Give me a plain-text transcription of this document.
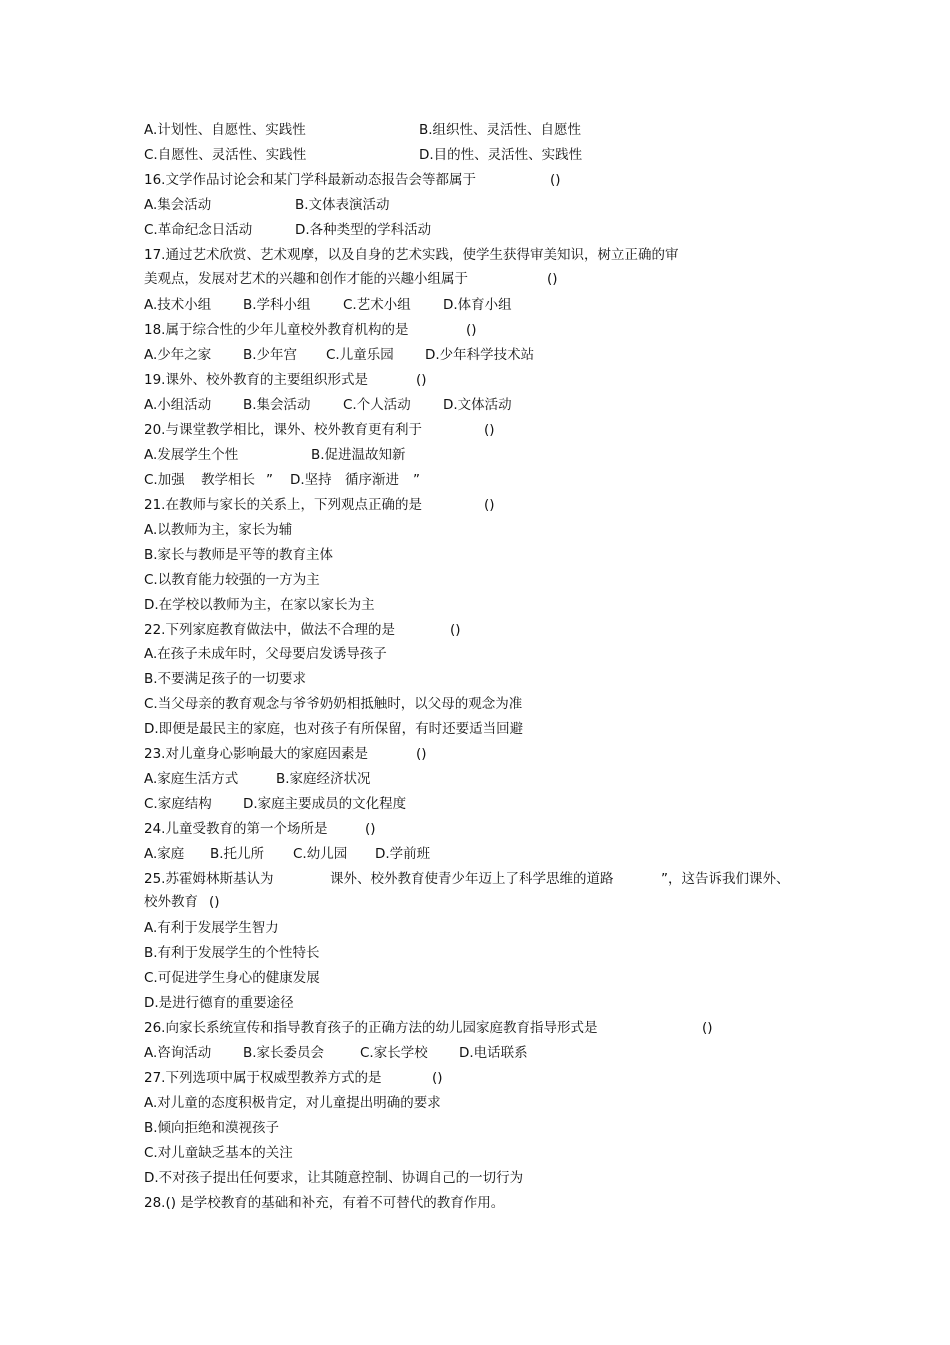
A.计划性、自愿性、实践性	B.组织性、灵活性、自愿性
C.自愿性、灵活性、实践性	D.目的性、灵活性、实践性
16.文学作品讨论会和某门学科最新动态报告会等都属于	()
A.集会活动	B.文体表演活动
C.革命纪念日活动	D.各种类型的学科活动
17.通过艺术欣赏、艺术观摩，以及自身的艺术实践，使学生获得审美知识，树立正确的审
美观点，发展对艺术的兴趣和创作才能的兴趣小组属于	()
A.技术小组 B.学科小组 C.艺术小组 D.体育小组
18.属于综合性的少年儿童校外教育机构的是	()
A.少年之家 B.少年宫 C.儿童乐园 D.少年科学技术站
19.课外、校外教育的主要组织形式是	()
A.小组活动 B.集会活动 C.个人活动 D.文体活动
20.与课堂教学相比，课外、校外教育更有利于	()
A.发展学生个性	B.促进温故知新
C.加强 教学相长 ” D.坚持 循序渐进 ”
21.在教师与家长的关系上，下列观点正确的是	()
A.以教师为主，家长为辅
B.家长与教师是平等的教育主体
C.以教育能力较强的一方为主
D.在学校以教师为主，在家以家长为主
22.下列家庭教育做法中，做法不合理的是	()
A.在孩子未成年时，父母要启发诱导孩子
B.不要满足孩子的一切要求
C.当父母亲的教育观念与爷爷奶奶相抵触时，以父母的观念为准
D.即便是最民主的家庭，也对孩子有所保留，有时还要适当回避
23.对儿童身心影响最大的家庭因素是	()
A.家庭生活方式	B.家庭经济状况
C.家庭结构 D.家庭主要成员的文化程度
24.儿童受教育的第一个场所是	()
A.家庭 B.托儿所 C.幼儿园 D.学前班
25.苏霍姆林斯基认为	课外、校外教育使青少年迈上了科学思维的道路	”，这告诉我们课外、
校外教育 ()
A.有利于发展学生智力
B.有利于发展学生的个性特长
C.可促进学生身心的健康发展
D.是进行德育的重要途径
26.向家长系统宣传和指导教育孩子的正确方法的幼儿园家庭教育指导形式是	()
A.咨询活动 B.家长委员会	C.家长学校 D.电话联系
27.下列选项中属于权威型教养方式的是	()
A.对儿童的态度积极肯定，对儿童提出明确的要求
B.倾向拒绝和漠视孩子
C.对儿童缺乏基本的关注
D.不对孩子提出任何要求，让其随意控制、协调自己的一切行为
28.() 是学校教育的基础和补充，有着不可替代的教育作用。
